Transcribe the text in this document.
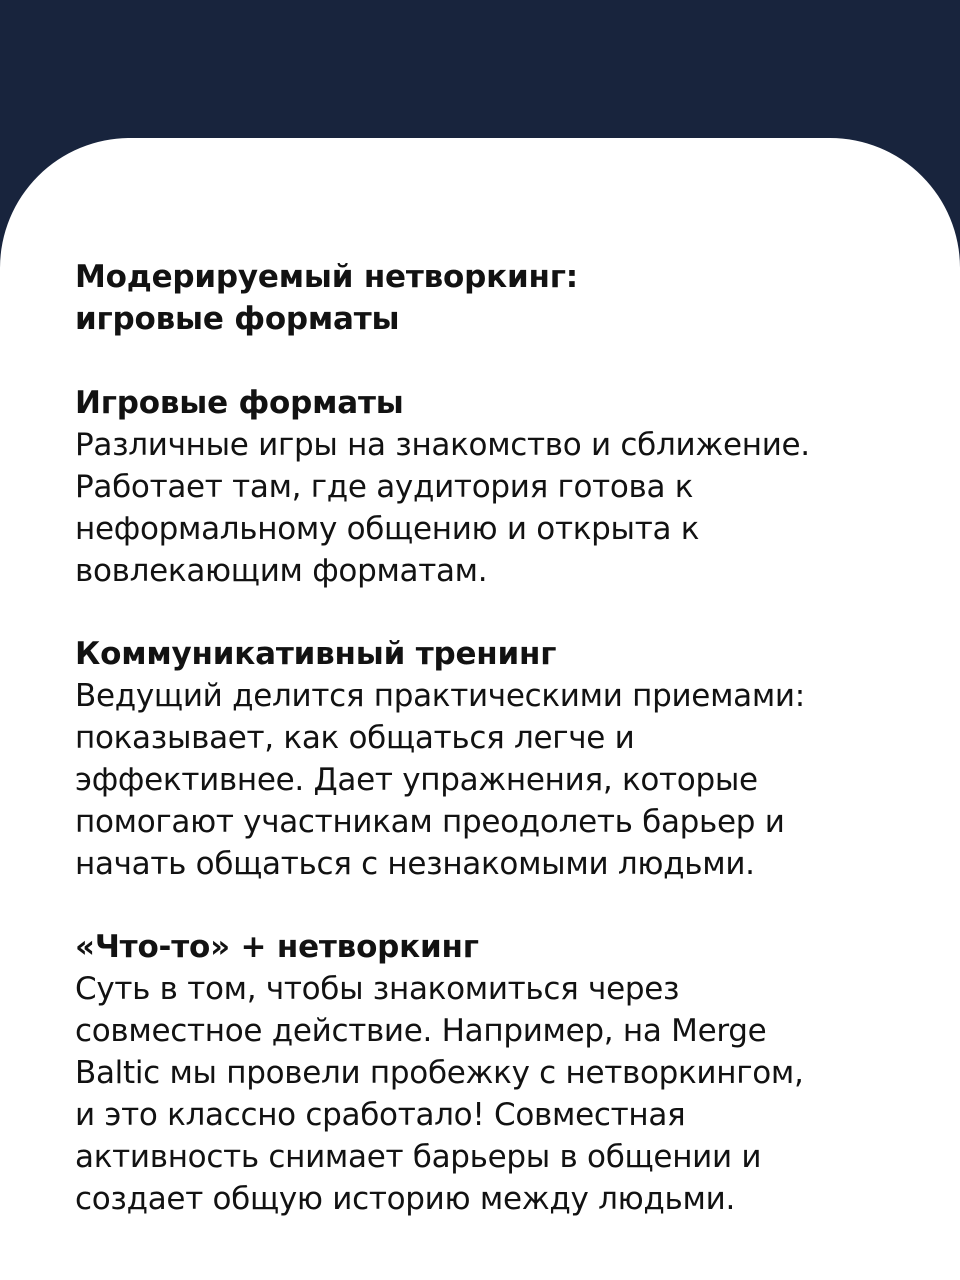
Модерируемый нетворкинг:
игровые форматы
Игровые форматы

Различные игры на знакомство и сближение.
Работает там, где аудитория готова к
неформальному общению и открыта к
вовлекающим форматам.

Коммуникативный тренинг

Ведущий делится практическими приемами:
показывает, как общаться легче и
эффективнее. Дает упражнения, которые
помогают участникам преодолеть барьер и
начать общаться с незнакомыми людьми.

«Что-то» + нетворкинг

Суть в том, чтобы знакомиться через
совместное действие. Например, на Merge
Baltic мы провели пробежку с нетворкингом,
и это классно сработало! Совместная
активность снимает барьеры в общении и
создает общую историю между людьми.
